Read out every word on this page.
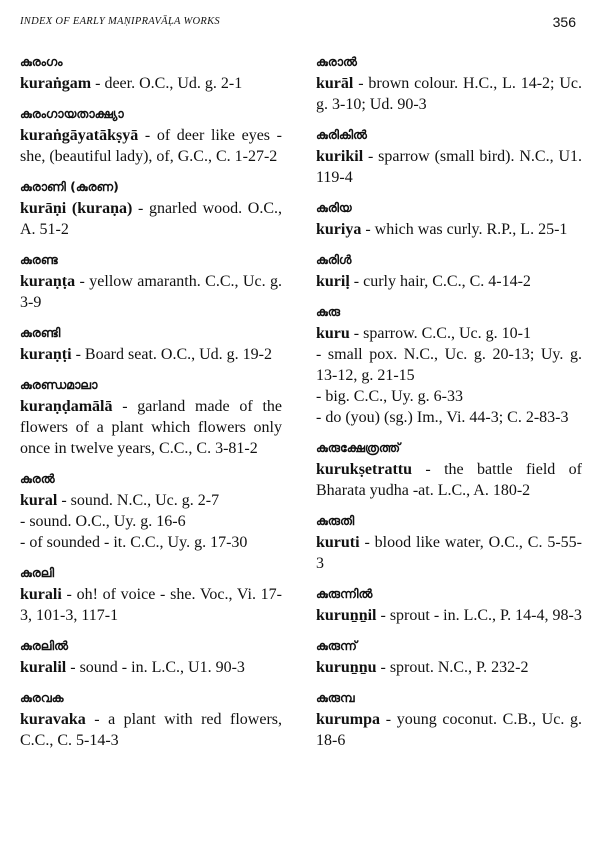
INDEX OF EARLY MAṆIPRAVĀḶA WORKS	356
കുരംഗം

kuraṅgam - deer. O.C., Ud. g. 2-1

കുരംഗായതാക്ഷ്യാ

kuraṅgāyatākṣyā - of deer like eyes - she, (beautiful lady), of, G.C., C. 1-27-2

കുരാണി (കുരണ)

kurāṇi (kuraṇa) - gnarled wood. O.C., A. 51-2

കുരണ്ട

kuraṇṭa - yellow amaranth. C.C., Uc. g. 3-9

കുരണ്ടി

kuraṇṭi - Board seat. O.C., Ud. g. 19-2

കുരണ്ഡമാലാ

kuraṇḍamālā - garland made of the flowers of a plant which flowers only once in twelve years, C.C., C. 3-81-2

കുരൽ

kural - sound. N.C., Uc. g. 2-7

- sound. O.C., Uy. g. 16-6

- of sounded - it. C.C., Uy. g. 17-30

കുരലി

kurali - oh! of voice - she. Voc., Vi. 17-3, 101-3, 117-1

കുരലിൽ

kuralil - sound - in. L.C., U1. 90-3

കുരവക

kuravaka - a plant with red flowers, C.C., C. 5-14-3

കുരാൽ

kurāl - brown colour. H.C., L. 14-2; Uc. g. 3-10; Ud. 90-3

കുരികിൽ

kurikil - sparrow (small bird). N.C., U1. 119-4

കുരിയ

kuriya - which was curly. R.P., L. 25-1

കുരിൾ

kuriḷ - curly hair, C.C., C. 4-14-2

കുരു

kuru - sparrow. C.C., Uc. g. 10-1

- small pox. N.C., Uc. g. 20-13; Uy. g. 13-12, g. 21-15

- big. C.C., Uy. g. 6-33

- do (you) (sg.) Im., Vi. 44-3; C. 2-83-3

കുരുക്ഷേത്രത്ത്

kurukṣetrattu - the battle field of Bharata yudha -at. L.C., A. 180-2

കുരുതി

kuruti - blood like water, O.C., C. 5-55-3

കുരുന്നിൽ

kuruṉṉil - sprout - in. L.C., P. 14-4, 98-3

കുരുന്ന്

kuruṉṉu - sprout. N.C., P. 232-2

കുരുമ്പ

kurumpa - young coconut. C.B., Uc. g. 18-6
